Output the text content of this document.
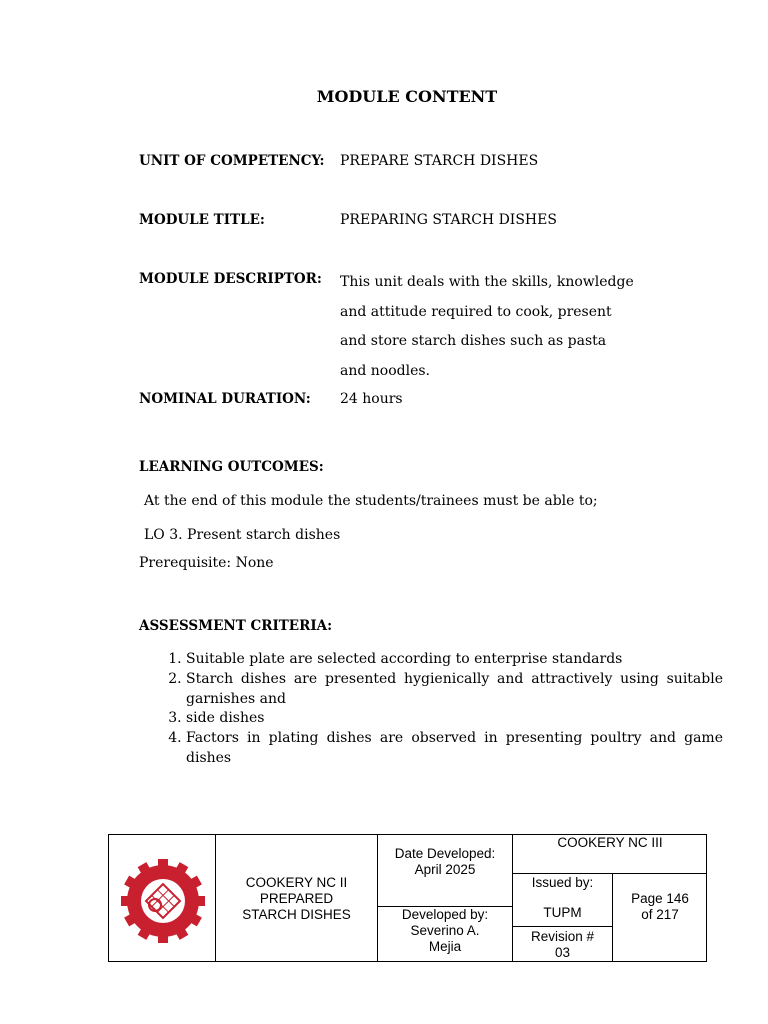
MODULE CONTENT
UNIT OF COMPETENCY: PREPARE STARCH DISHES
MODULE TITLE:	PREPARING STARCH DISHES
MODULE DESCRIPTOR: This unit deals with the skills, knowledge
and attitude required to cook, present
and store starch dishes such as pasta
and noodles.
NOMINAL DURATION: 24 hours
LEARNING OUTCOMES:
At the end of this module the students/trainees must be able to;
LO 3. Present starch dishes
Prerequisite: None
ASSESSMENT CRITERIA:
1. Suitable plate are selected according to enterprise standards
2. Starch dishes are presented hygienically and attractively using suitable garnishes and
3. side dishes
4. Factors in plating dishes are observed in presenting poultry and game dishes
COOKERY NC II
PREPARED
STARCH DISHES
Date Developed:
April 2025
Developed by:
Severino A.
Mejia
COOKERY NC III
Issued by:
TUPM
Revision #
03
Page 146
of 217
